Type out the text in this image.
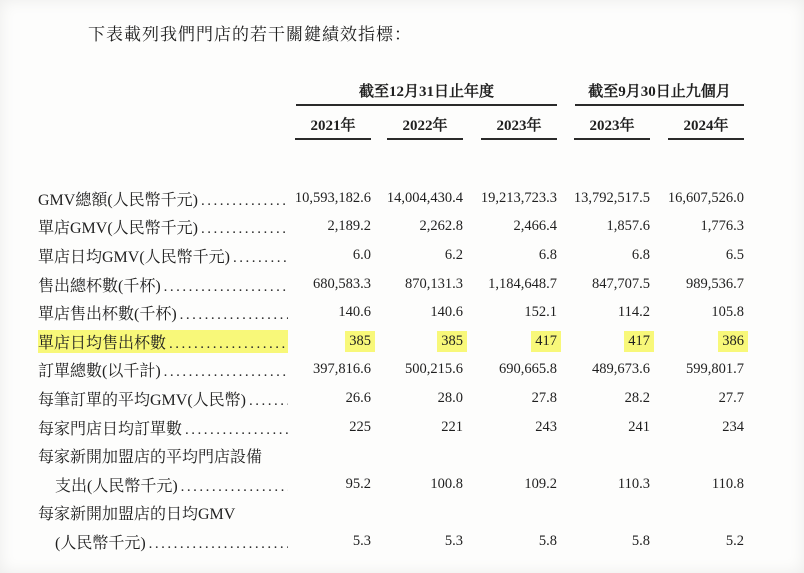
下表載列我們門店的若干關鍵績效指標：

截至12月31日止年度	截至9月30日止九個月
2021年	2022年	2023年	2023年	2024年
GMV總額(人民幣千元) .....	10,593,182.6	14,004,430.4	19,213,723.3	13,792,517.5	16,607,526.0
單店GMV(人民幣千元) .....	2,189.2	2,262.8	2,466.4	1,857.6	1,776.3
單店日均GMV(人民幣千元) .....	6.0	6.2	6.8	6.8	6.5
售出總杯數(千杯) .....	680,583.3	870,131.3	1,184,648.7	847,707.5	989,536.7
單店售出杯數(千杯) .....	140.6	140.6	152.1	114.2	105.8
單店日均售出杯數 .....	385	385	417	417	386
訂單總數(以千計) .....	397,816.6	500,215.6	690,665.8	489,673.6	599,801.7
每筆訂單的平均GMV(人民幣) .....	26.6	28.0	27.8	28.2	27.7
每家門店日均訂單數 .....	225	221	243	241	234
每家新開加盟店的平均門店設備
支出(人民幣千元) .....	95.2	100.8	109.2	110.3	110.8
每家新開加盟店的日均GMV
(人民幣千元) .....	5.3	5.3	5.8	5.8	5.2
